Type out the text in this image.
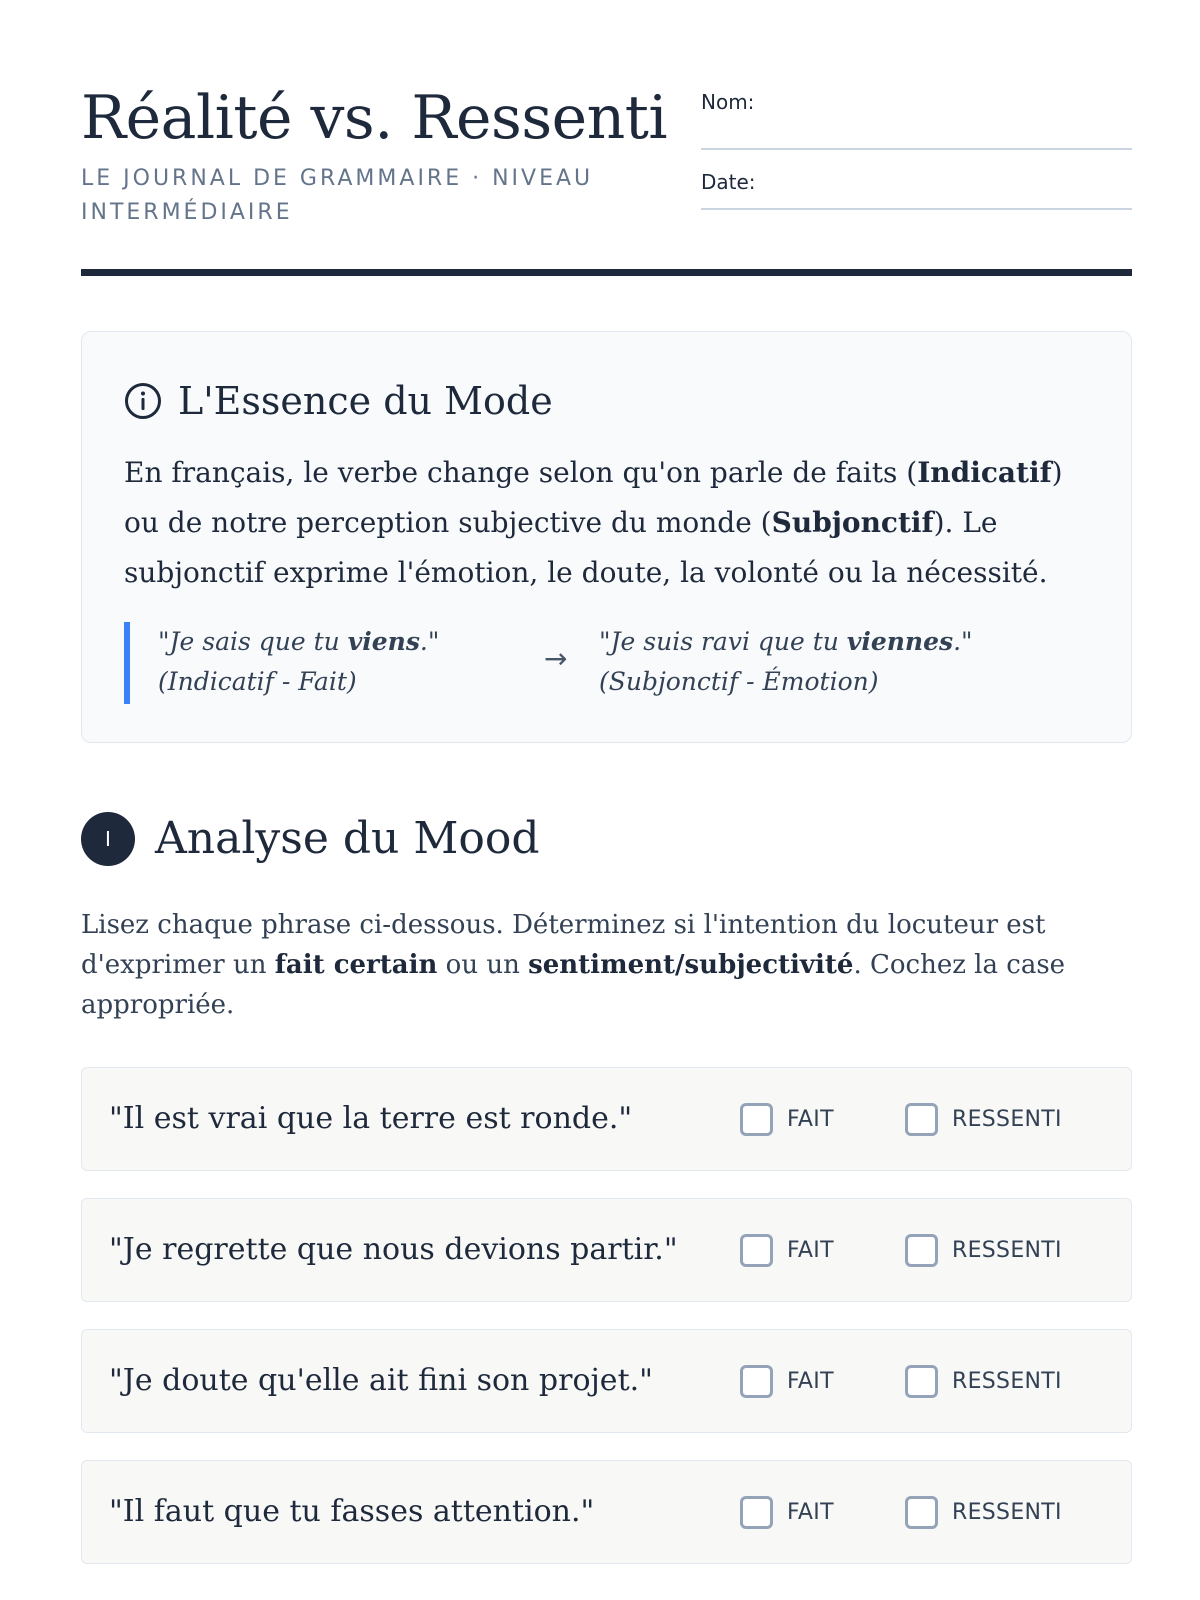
Réalité vs. Ressenti
LE JOURNAL DE GRAMMAIRE · NIVEAU INTERMÉDIAIRE
Nom:
Date:
L'Essence du Mode

En français, le verbe change selon qu'on parle de faits (Indicatif) ou de notre perception subjective du monde (Subjonctif). Le subjonctif exprime l'émotion, le doute, la volonté ou la nécessité.

"Je sais que tu viens."
(Indicatif - Fait)
→
"Je suis ravi que tu viennes."
(Subjonctif - Émotion)
I	Analyse du Mood

Lisez chaque phrase ci-dessous. Déterminez si l'intention du locuteur est d'exprimer un fait certain ou un sentiment/subjectivité. Cochez la case appropriée.

"Il est vrai que la terre est ronde."	FAIT	RESSENTI
"Je regrette que nous devions partir."	FAIT	RESSENTI
"Je doute qu'elle ait fini son projet."	FAIT	RESSENTI
"Il faut que tu fasses attention."	FAIT	RESSENTI
